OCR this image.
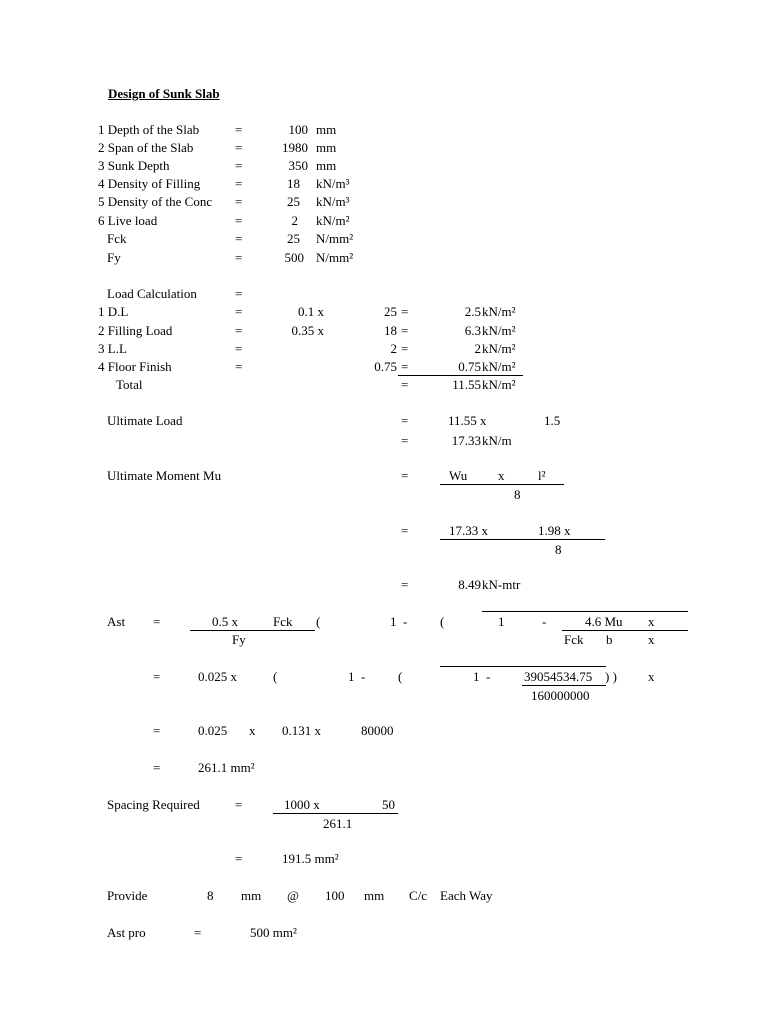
Design of Sunk Slab
1 Depth of the Slab	=	100 mm
2 Span of the Slab	=	1980 mm
3 Sunk Depth	=	350 mm
4 Density of Filling	=	18 kN/m³
5 Density of the Conc =	25 kN/m³
6 Live load	=	2 kN/m²
Fck	=	25 N/mm²
Fy	=	500 N/mm²
Load Calculation	=
1 D.L	=	0.1 x	25 =	2.5 kN/m²
2 Filling Load	=	0.35 x	18 =	6.3 kN/m²
3 L.L	=	2 =	2 kN/m²
4 Floor Finish	=	0.75 =	0.75 kN/m²
Total	=	11.55 kN/m²
Ultimate Load	=	11.55 x	1.5
=	17.33 kN/m
Ultimate Moment Mu	=	Wu x	l²
8
=	17.33 x	1.98 x
8
=	8.49 kN-mtr
Ast =	0.5 x	Fck (	1 -	(	1	-	4.6 Mu x
Fy	Fck b	x
=	0.025 x	(	1 -	(	1 -	39054534.75 ) ) x
160000000
=	0.025 x 0.131 x	80000
=	261.1 mm²
Spacing Required	=	1000 x	50
261.1
=	191.5 mm²
Provide	8 mm @ 100 mm C/c Each Way
Ast pro	=	500 mm²
